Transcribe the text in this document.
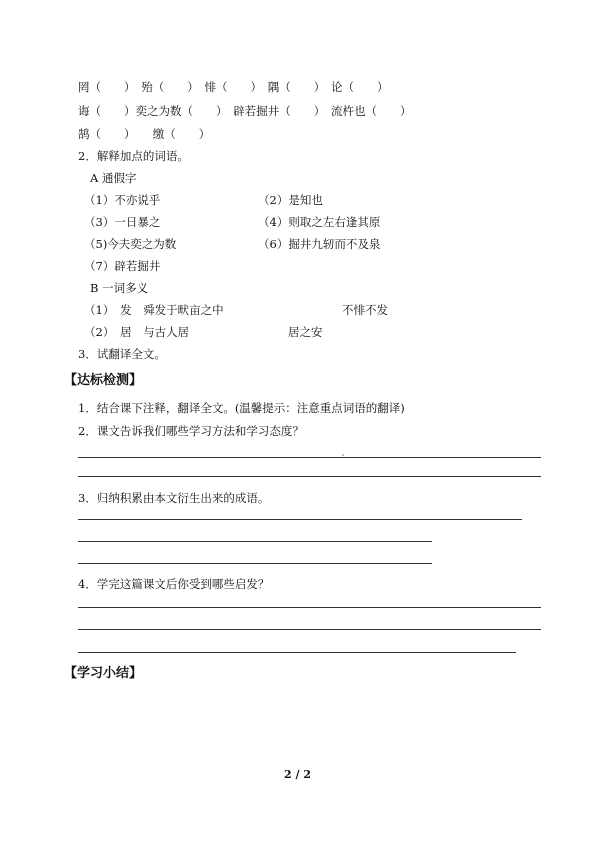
罔（　　）　殆（　　）　悱（　　）　隅（　　）　论（　　）
诲（　　）奕之为数（　　）　辟若掘井（　　）　流杵也（　　）
鹄（　　）　　缴（　　）
2．解释加点的词语。
A 通假字
（1）不亦说乎	（2）是知也
（3）一日暴之	（4）则取之左右逢其原
（5)今夫奕之为数	（6）掘井九轫而不及泉
（7）辟若掘井
B 一词多义
（1）　发　舜发于畎亩之中	不悱不发
（2）　居　与古人居	居之安
3．试翻译全文。
【达标检测】
1．结合课下注释，翻译全文。(温馨提示：注意重点词语的翻译)
2．课文告诉我们哪些学习方法和学习态度？
3．归纳积累由本文衍生出来的成语。
4．学完这篇课文后你受到哪些启发？
【学习小结】
2 / 2
